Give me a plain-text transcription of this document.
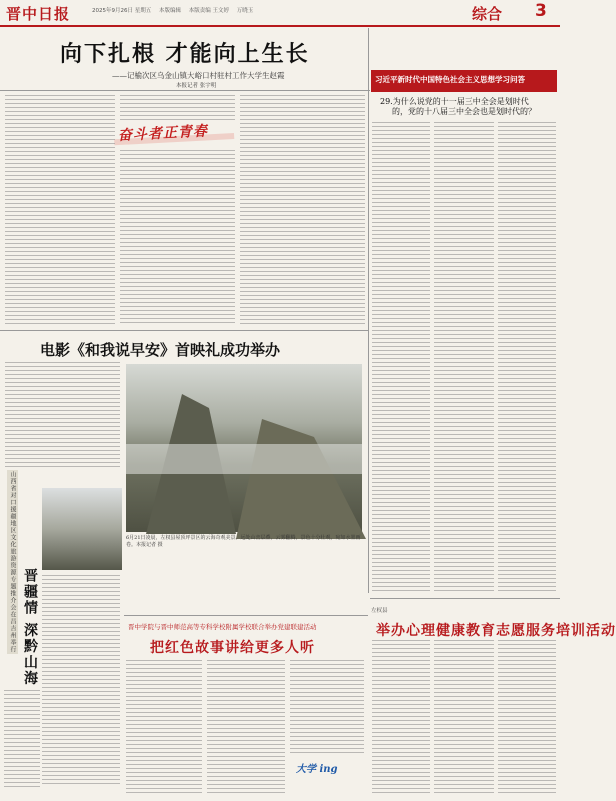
晋中日报	2025年9月26日 星期五 本版编辑 本版责编 王文婷 万晓玉	综合 3
向下扎根 才能向上生长
——记榆次区乌金山镇大峪口村驻村工作大学生赵霞
本报记者 张宇明
奋斗者正青春
习近平新时代中国特色社会主义思想学习问答
29.为什么说党的十一届三中全会是划时代
的，党的十八届三中全会也是划时代的？
电影《和我说早安》首映礼成功举办
6月21日凌晨，左权县屋顶坪景区的云海奇观美景。远处山峦层叠，云雾翻腾，景色十分壮观，宛如水墨画卷。本报记者 摄
山西省对口援疆地区文化旅游资源专题推介会在昌吉州举行 晋疆情 深黔山海	晋中学院与晋中师范高等专科学校附属学校联合举办党建联建活动
把红色故事讲给更多人听
大学 ing
左权县
举办心理健康教育志愿服务培训活动
